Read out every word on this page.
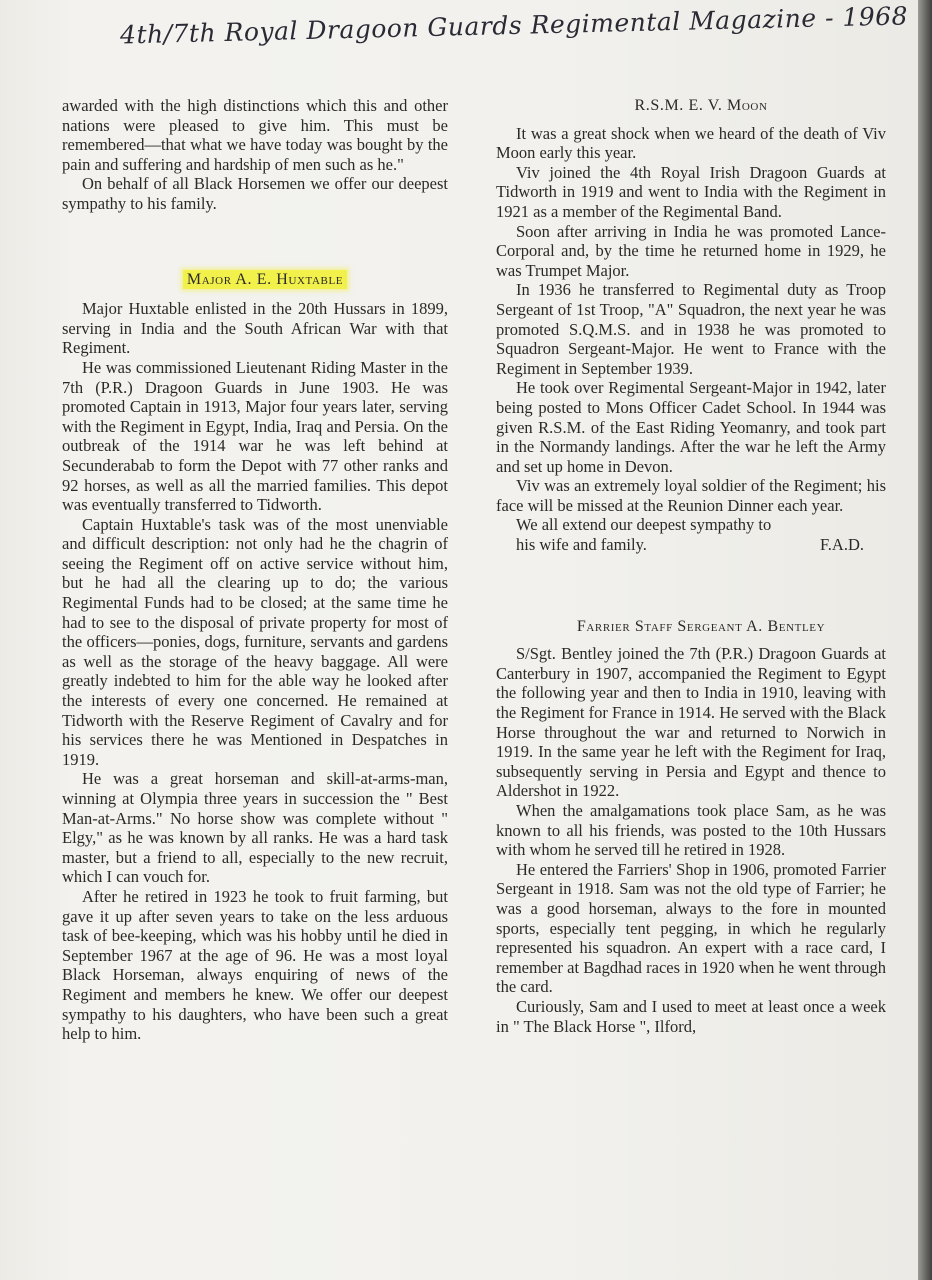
4th/7th Royal Dragoon Guards Regimental Magazine - 1968

awarded with the high distinctions which this and other nations were pleased to give him. This must be remembered—that what we have today was bought by the pain and suffering and hardship of men such as he."

On behalf of all Black Horsemen we offer our deepest sympathy to his family.

Major A. E. Huxtable

Major Huxtable enlisted in the 20th Hussars in 1899, serving in India and the South African War with that Regiment.

He was commissioned Lieutenant Riding Master in the 7th (P.R.) Dragoon Guards in June 1903. He was promoted Captain in 1913, Major four years later, serving with the Regiment in Egypt, India, Iraq and Persia. On the outbreak of the 1914 war he was left behind at Secunderabab to form the Depot with 77 other ranks and 92 horses, as well as all the married families. This depot was eventually transferred to Tidworth.

Captain Huxtable's task was of the most unenviable and difficult description: not only had he the chagrin of seeing the Regiment off on active service without him, but he had all the clearing up to do; the various Regimental Funds had to be closed; at the same time he had to see to the disposal of private property for most of the officers—ponies, dogs, furniture, servants and gardens as well as the storage of the heavy baggage. All were greatly indebted to him for the able way he looked after the interests of every one concerned. He remained at Tidworth with the Reserve Regiment of Cavalry and for his services there he was Mentioned in Despatches in 1919.

He was a great horseman and skill-at-arms-man, winning at Olympia three years in succession the " Best Man-at-Arms." No horse show was complete without " Elgy," as he was known by all ranks. He was a hard task master, but a friend to all, especially to the new recruit, which I can vouch for.

After he retired in 1923 he took to fruit farming, but gave it up after seven years to take on the less arduous task of bee-keeping, which was his hobby until he died in September 1967 at the age of 96. He was a most loyal Black Horseman, always enquiring of news of the Regiment and members he knew. We offer our deepest sympathy to his daughters, who have been such a great help to him.

R.S.M. E. V. Moon

It was a great shock when we heard of the death of Viv Moon early this year.

Viv joined the 4th Royal Irish Dragoon Guards at Tidworth in 1919 and went to India with the Regiment in 1921 as a member of the Regimental Band.

Soon after arriving in India he was promoted Lance-Corporal and, by the time he returned home in 1929, he was Trumpet Major.

In 1936 he transferred to Regimental duty as Troop Sergeant of 1st Troop, "A" Squadron, the next year he was promoted S.Q.M.S. and in 1938 he was promoted to Squadron Sergeant-Major. He went to France with the Regiment in September 1939.

He took over Regimental Sergeant-Major in 1942, later being posted to Mons Officer Cadet School. In 1944 was given R.S.M. of the East Riding Yeomanry, and took part in the Normandy landings. After the war he left the Army and set up home in Devon.

Viv was an extremely loyal soldier of the Regiment; his face will be missed at the Reunion Dinner each year.

We all extend our deepest sympathy to

his wife and family.	F.A.D.

Farrier Staff Sergeant A. Bentley

S/Sgt. Bentley joined the 7th (P.R.) Dragoon Guards at Canterbury in 1907, accompanied the Regiment to Egypt the following year and then to India in 1910, leaving with the Regiment for France in 1914. He served with the Black Horse throughout the war and returned to Norwich in 1919. In the same year he left with the Regiment for Iraq, subsequently serving in Persia and Egypt and thence to Aldershot in 1922.

When the amalgamations took place Sam, as he was known to all his friends, was posted to the 10th Hussars with whom he served till he retired in 1928.

He entered the Farriers' Shop in 1906, promoted Farrier Sergeant in 1918. Sam was not the old type of Farrier; he was a good horseman, always to the fore in mounted sports, especially tent pegging, in which he regularly represented his squadron. An expert with a race card, I remember at Bagdhad races in 1920 when he went through the card.

Curiously, Sam and I used to meet at least once a week in " The Black Horse ", Ilford,
